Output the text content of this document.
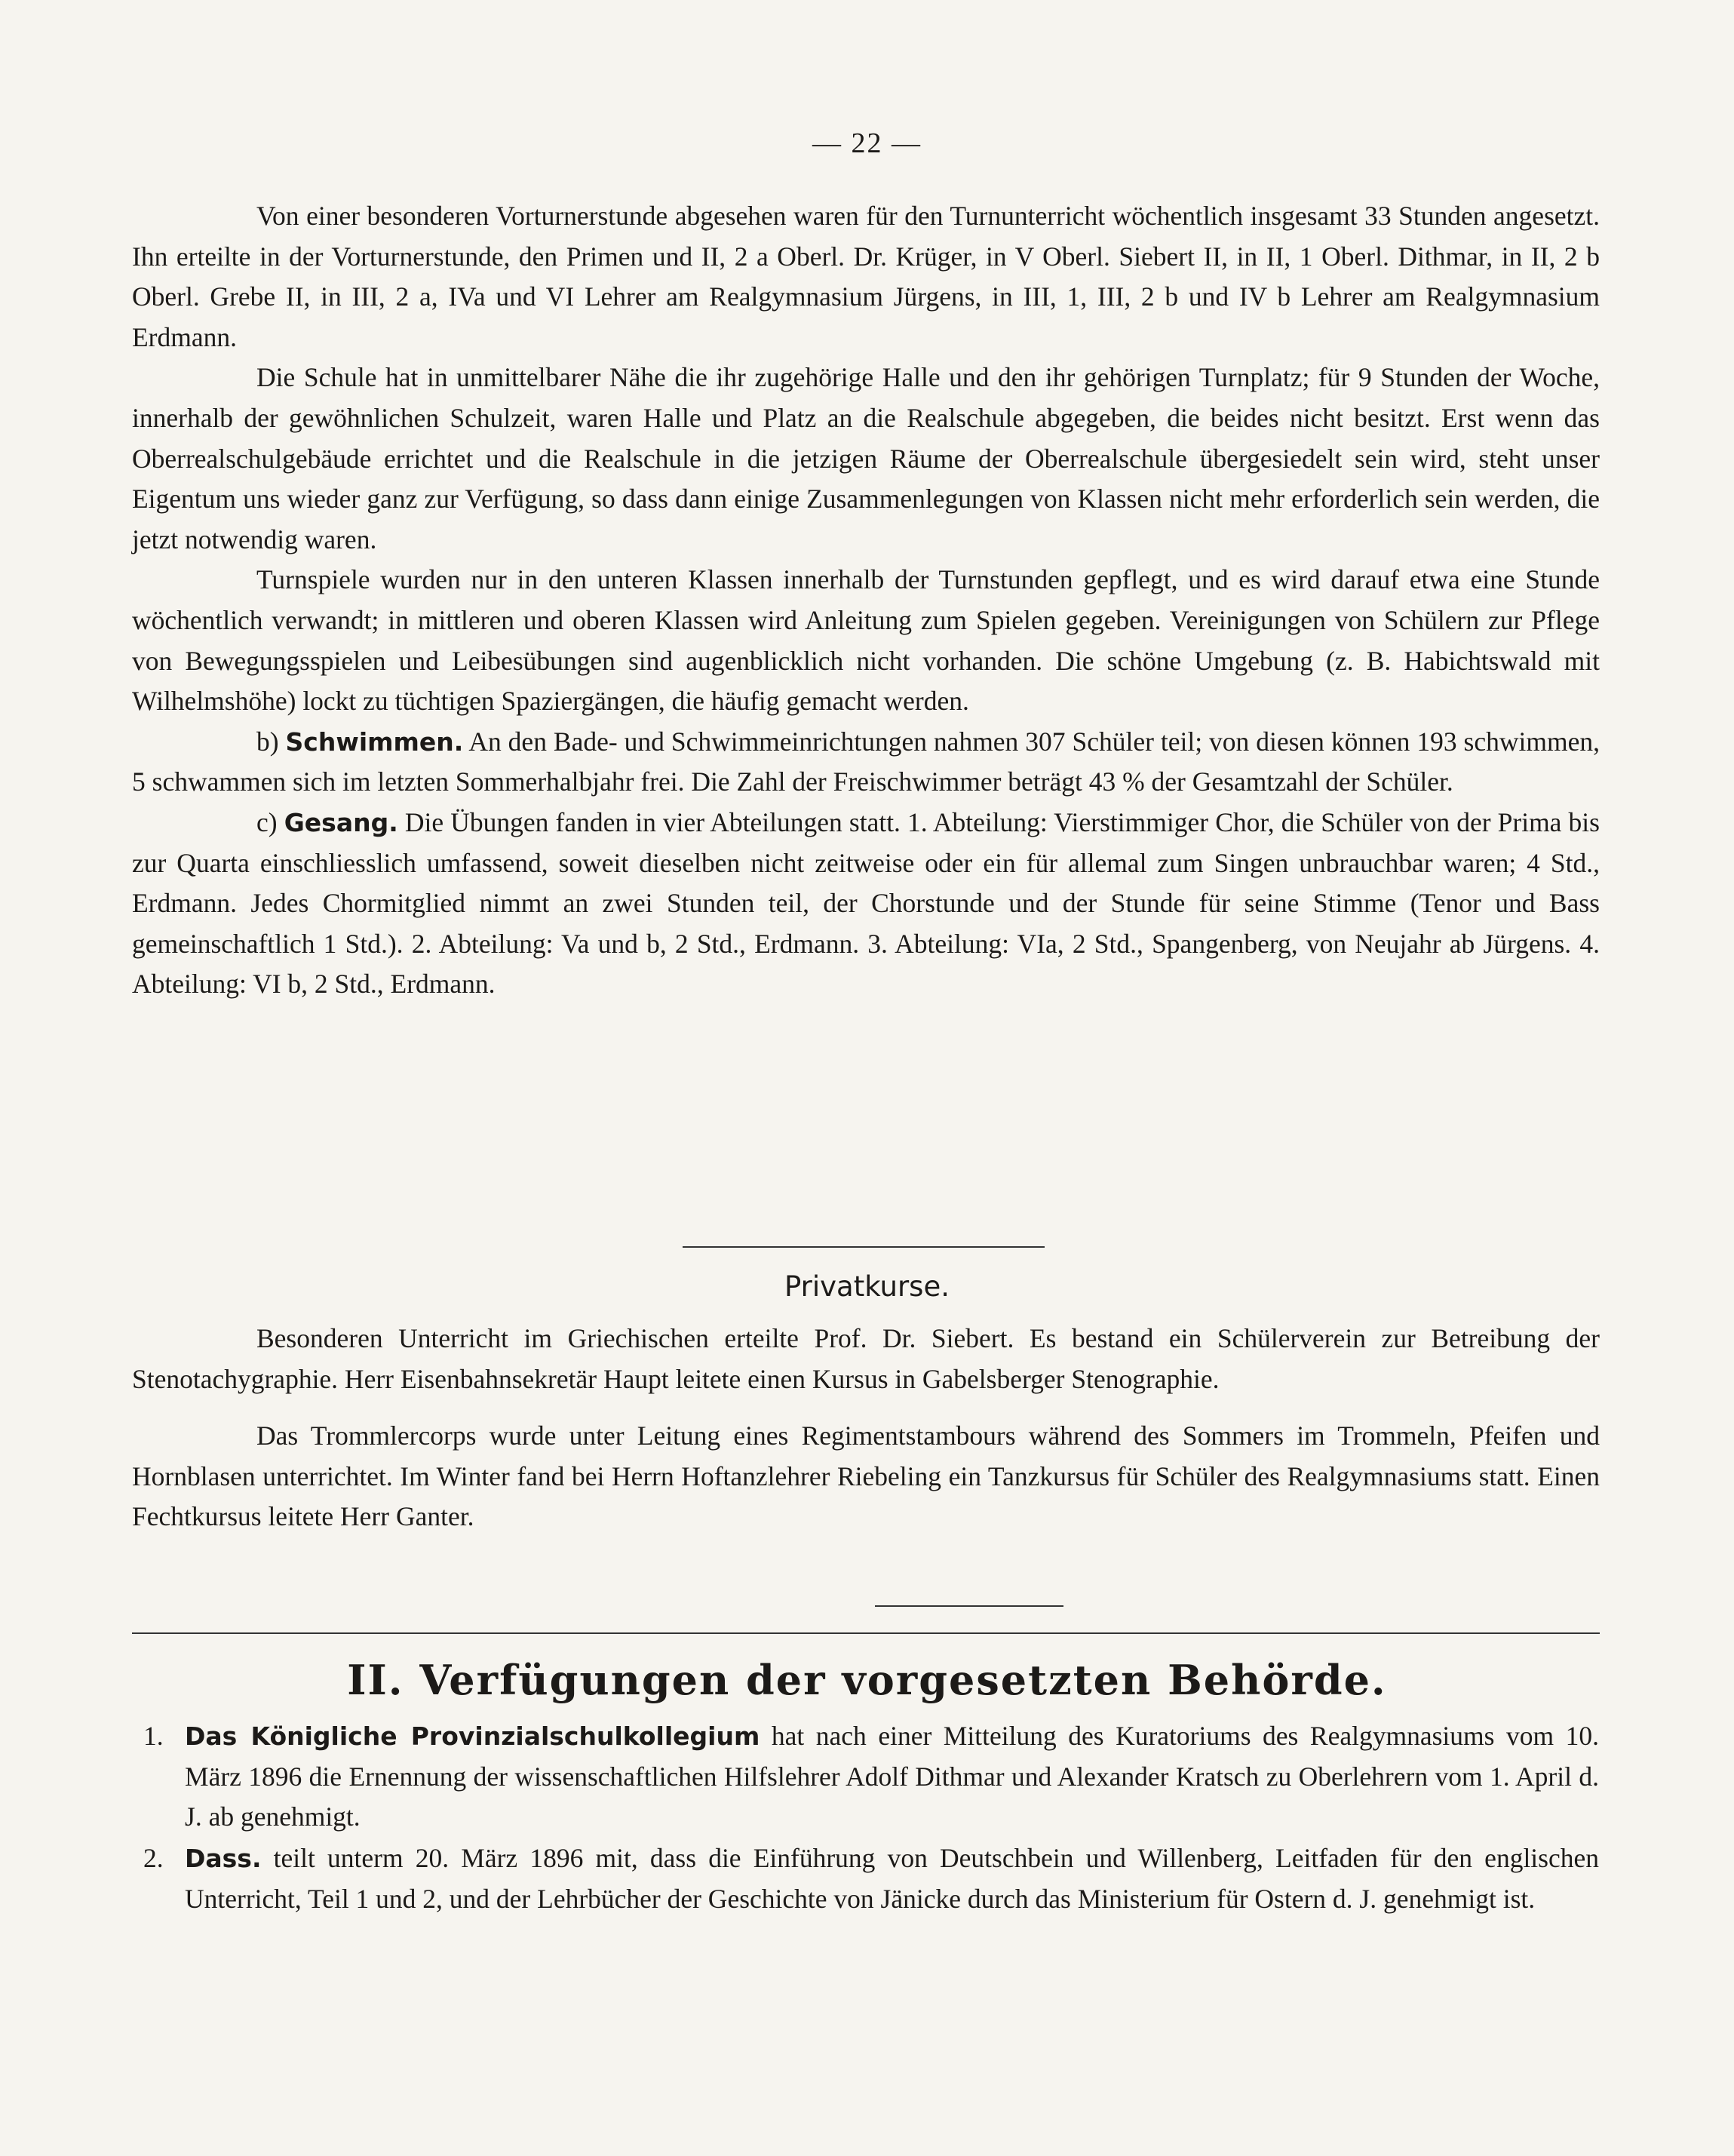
— 22 —

Von einer besonderen Vorturnerstunde abgesehen waren für den Turnunterricht wöchentlich insgesamt 33 Stunden angesetzt. Ihn erteilte in der Vorturnerstunde, den Primen und II, 2 a Oberl. Dr. Krüger, in V Oberl. Siebert II, in II, 1 Oberl. Dithmar, in II, 2 b Oberl. Grebe II, in III, 2 a, IVa und VI Lehrer am Realgymnasium Jürgens, in III, 1, III, 2 b und IV b Lehrer am Realgymnasium Erdmann.

Die Schule hat in unmittelbarer Nähe die ihr zugehörige Halle und den ihr gehörigen Turnplatz; für 9 Stunden der Woche, innerhalb der gewöhnlichen Schulzeit, waren Halle und Platz an die Realschule abgegeben, die beides nicht besitzt. Erst wenn das Oberrealschulgebäude errichtet und die Realschule in die jetzigen Räume der Oberrealschule übergesiedelt sein wird, steht unser Eigentum uns wieder ganz zur Verfügung, so dass dann einige Zusammenlegungen von Klassen nicht mehr erforderlich sein werden, die jetzt notwendig waren.

Turnspiele wurden nur in den unteren Klassen innerhalb der Turnstunden gepflegt, und es wird darauf etwa eine Stunde wöchentlich verwandt; in mittleren und oberen Klassen wird Anleitung zum Spielen gegeben. Vereinigungen von Schülern zur Pflege von Bewegungsspielen und Leibesübungen sind augenblicklich nicht vorhanden. Die schöne Umgebung (z. B. Habichtswald mit Wilhelmshöhe) lockt zu tüchtigen Spaziergängen, die häufig gemacht werden.

b) Schwimmen. An den Bade- und Schwimmeinrichtungen nahmen 307 Schüler teil; von diesen können 193 schwimmen, 5 schwammen sich im letzten Sommerhalbjahr frei. Die Zahl der Freischwimmer beträgt 43 % der Gesamtzahl der Schüler.

c) Gesang. Die Übungen fanden in vier Abteilungen statt. 1. Abteilung: Vierstimmiger Chor, die Schüler von der Prima bis zur Quarta einschliesslich umfassend, soweit dieselben nicht zeitweise oder ein für allemal zum Singen unbrauchbar waren; 4 Std., Erdmann. Jedes Chormitglied nimmt an zwei Stunden teil, der Chorstunde und der Stunde für seine Stimme (Tenor und Bass gemeinschaftlich 1 Std.). 2. Abteilung: Va und b, 2 Std., Erdmann. 3. Abteilung: VIa, 2 Std., Spangenberg, von Neujahr ab Jürgens. 4. Abteilung: VI b, 2 Std., Erdmann.

Privatkurse.

Besonderen Unterricht im Griechischen erteilte Prof. Dr. Siebert. Es bestand ein Schülerverein zur Betreibung der Stenotachygraphie. Herr Eisenbahnsekretär Haupt leitete einen Kursus in Gabelsberger Stenographie.

Das Trommlercorps wurde unter Leitung eines Regimentstambours während des Sommers im Trommeln, Pfeifen und Hornblasen unterrichtet. Im Winter fand bei Herrn Hoftanzlehrer Riebeling ein Tanzkursus für Schüler des Realgymnasiums statt. Einen Fechtkursus leitete Herr Ganter.

II. Verfügungen der vorgesetzten Behörde.
1. Das Königliche Provinzialschulkollegium hat nach einer Mitteilung des Kuratoriums des Realgymnasiums vom 10. März 1896 die Ernennung der wissenschaftlichen Hilfslehrer Adolf Dithmar und Alexander Kratsch zu Oberlehrern vom 1. April d. J. ab genehmigt.

2. Dass. teilt unterm 20. März 1896 mit, dass die Einführung von Deutschbein und Willenberg, Leitfaden für den englischen Unterricht, Teil 1 und 2, und der Lehrbücher der Geschichte von Jänicke durch das Ministerium für Ostern d. J. genehmigt ist.
